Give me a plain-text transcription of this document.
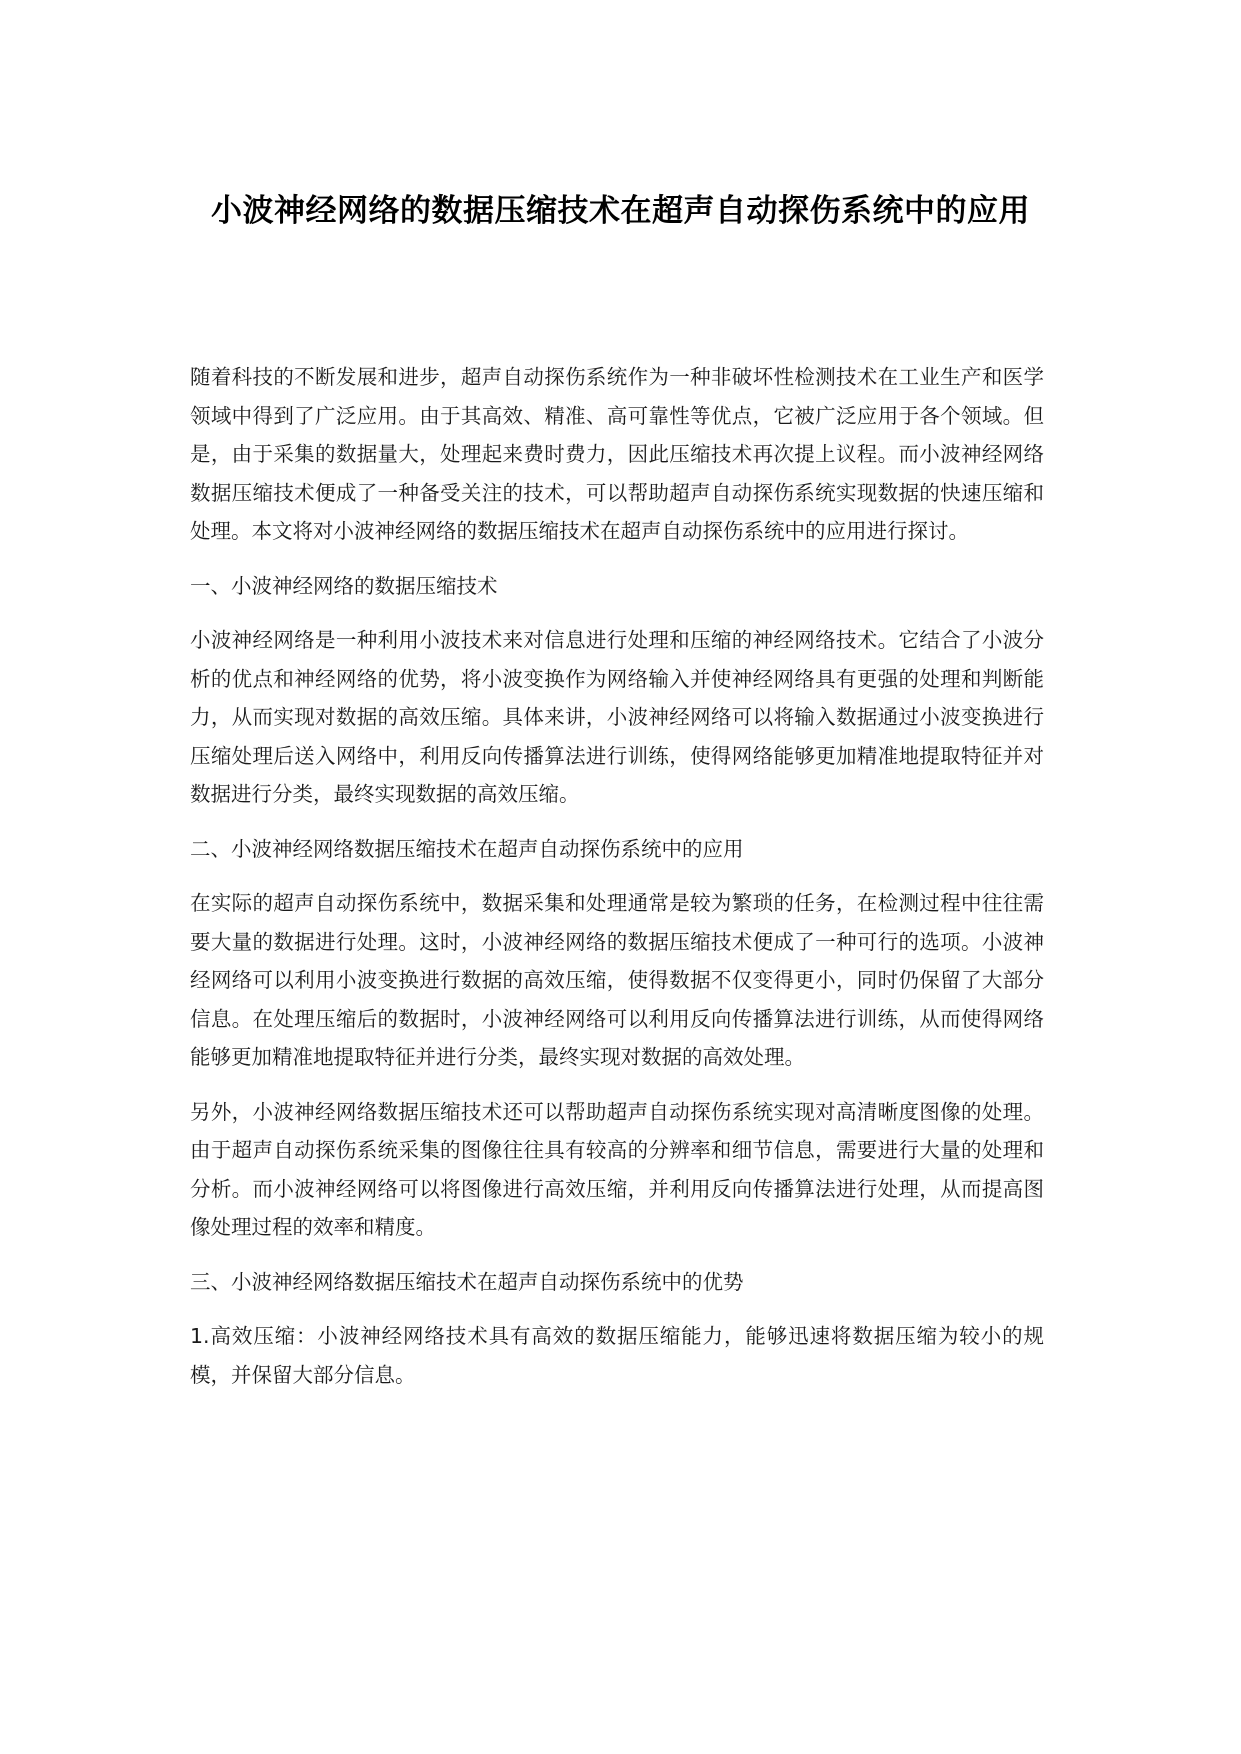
小波神经网络的数据压缩技术在超声自动探伤系统中的应用

随着科技的不断发展和进步，超声自动探伤系统作为一种非破坏性检测技术在工业生产和医学领域中得到了广泛应用。由于其高效、精准、高可靠性等优点，它被广泛应用于各个领域。但是，由于采集的数据量大，处理起来费时费力，因此压缩技术再次提上议程。而小波神经网络数据压缩技术便成了一种备受关注的技术，可以帮助超声自动探伤系统实现数据的快速压缩和处理。本文将对小波神经网络的数据压缩技术在超声自动探伤系统中的应用进行探讨。

一、小波神经网络的数据压缩技术

小波神经网络是一种利用小波技术来对信息进行处理和压缩的神经网络技术。它结合了小波分析的优点和神经网络的优势，将小波变换作为网络输入并使神经网络具有更强的处理和判断能力，从而实现对数据的高效压缩。具体来讲，小波神经网络可以将输入数据通过小波变换进行压缩处理后送入网络中，利用反向传播算法进行训练，使得网络能够更加精准地提取特征并对数据进行分类，最终实现数据的高效压缩。

二、小波神经网络数据压缩技术在超声自动探伤系统中的应用

在实际的超声自动探伤系统中，数据采集和处理通常是较为繁琐的任务，在检测过程中往往需要大量的数据进行处理。这时，小波神经网络的数据压缩技术便成了一种可行的选项。小波神经网络可以利用小波变换进行数据的高效压缩，使得数据不仅变得更小，同时仍保留了大部分信息。在处理压缩后的数据时，小波神经网络可以利用反向传播算法进行训练，从而使得网络能够更加精准地提取特征并进行分类，最终实现对数据的高效处理。

另外，小波神经网络数据压缩技术还可以帮助超声自动探伤系统实现对高清晰度图像的处理。由于超声自动探伤系统采集的图像往往具有较高的分辨率和细节信息，需要进行大量的处理和分析。而小波神经网络可以将图像进行高效压缩，并利用反向传播算法进行处理，从而提高图像处理过程的效率和精度。

三、小波神经网络数据压缩技术在超声自动探伤系统中的优势

1.高效压缩：小波神经网络技术具有高效的数据压缩能力，能够迅速将数据压缩为较小的规模，并保留大部分信息。
